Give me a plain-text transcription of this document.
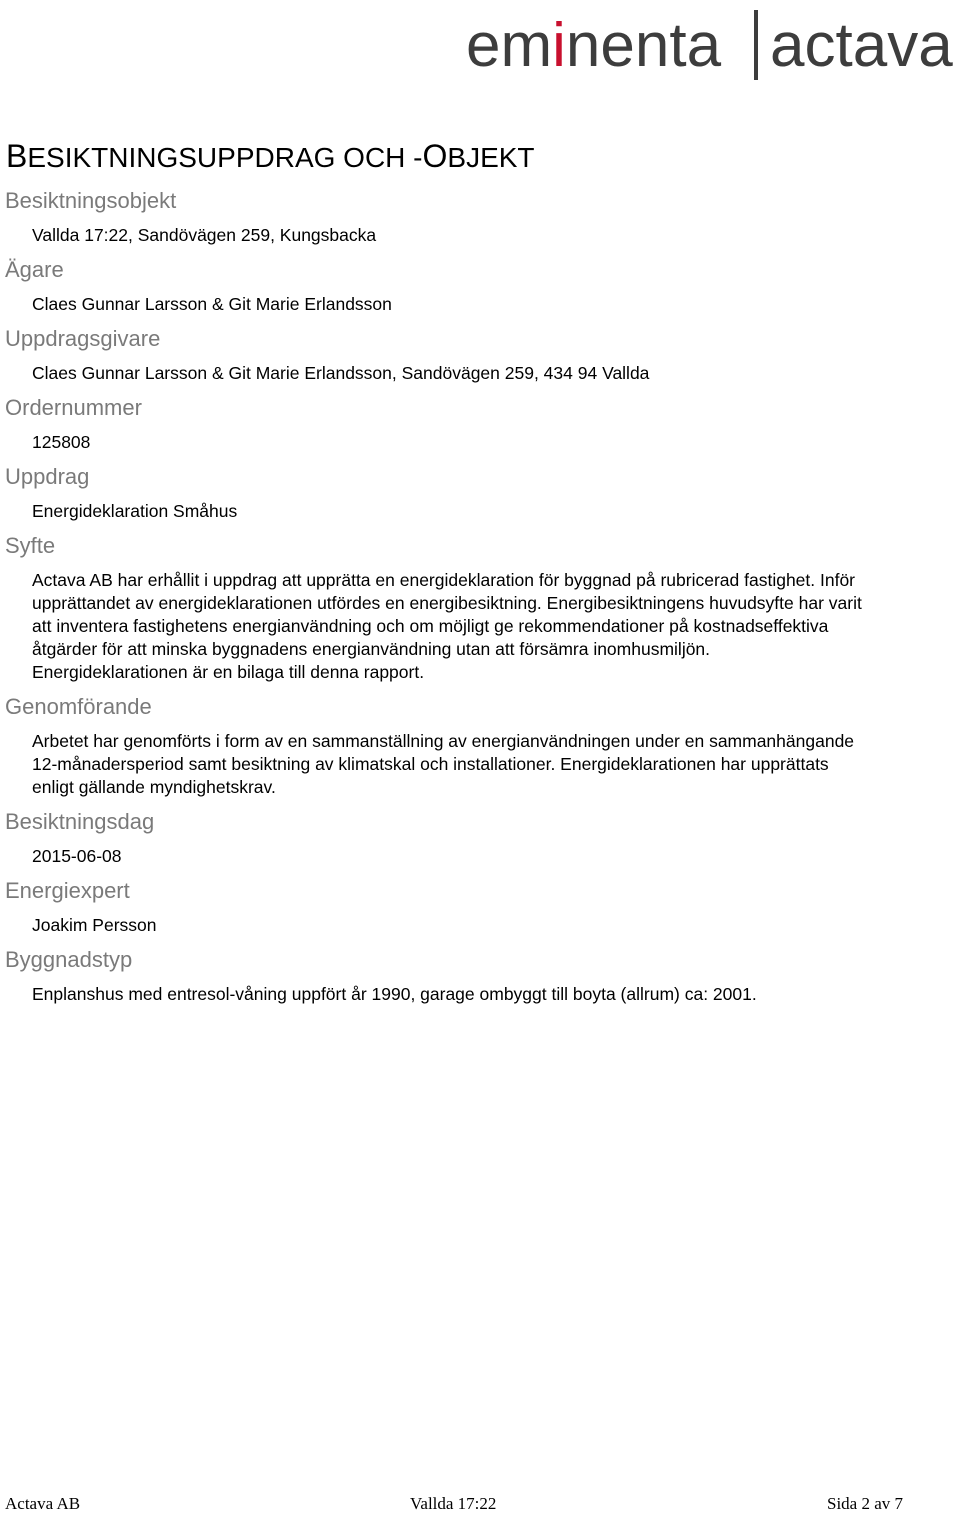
eminenta actava
BESIKTNINGSUPPDRAG OCH -OBJEKT
Besiktningsobjekt

Vallda 17:22, Sandövägen 259, Kungsbacka

Ägare

Claes Gunnar Larsson & Git Marie Erlandsson

Uppdragsgivare

Claes Gunnar Larsson & Git Marie Erlandsson, Sandövägen 259, 434 94 Vallda

Ordernummer

125808

Uppdrag

Energideklaration Småhus

Syfte

Actava AB har erhållit i uppdrag att upprätta en energideklaration för byggnad på rubricerad fastighet. Inför upprättandet av energideklarationen utfördes en energibesiktning. Energibesiktningens huvudsyfte har varit att inventera fastighetens energianvändning och om möjligt ge rekommendationer på kostnadseffektiva åtgärder för att minska byggnadens energianvändning utan att försämra inomhusmiljön. Energideklarationen är en bilaga till denna rapport.

Genomförande

Arbetet har genomförts i form av en sammanställning av energianvändningen under en sammanhängande 12-månadersperiod samt besiktning av klimatskal och installationer. Energideklarationen har upprättats enligt gällande myndighetskrav.

Besiktningsdag

2015-06-08

Energiexpert

Joakim Persson

Byggnadstyp

Enplanshus med entresol-våning uppfört år 1990, garage ombyggt till boyta (allrum) ca: 2001.

Actava AB	Vallda 17:22	Sida 2 av 7
